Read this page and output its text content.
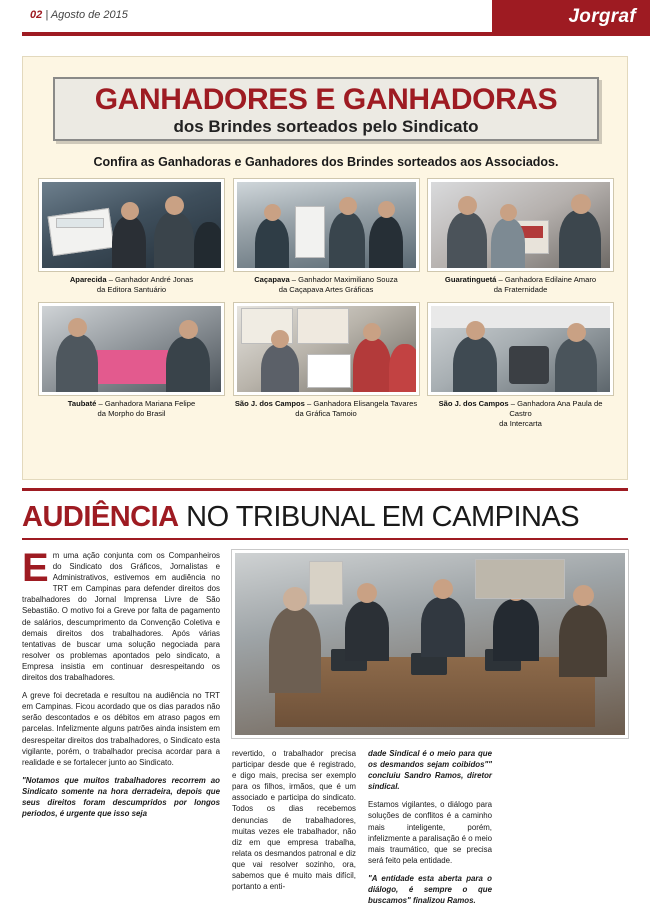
02 | Agosto de 2015	Jorgraf
GANHADORES E GANHADORAS
dos Brindes sorteados pelo Sindicato
Confira as Ganhadoras e Ganhadores dos Brindes sorteados aos Associados.
Aparecida – Ganhador André Jonas
da Editora Santuário
Caçapava – Ganhador Maximiliano Souza
da Caçapava Artes Gráficas
Guaratinguetá – Ganhadora Edilaine Amaro
da Fraternidade
Taubaté – Ganhadora Mariana Felipe
da Morpho do Brasil
São J. dos Campos – Ganhadora Elisangela Tavares
da Gráfica Tamoio
São J. dos Campos – Ganhadora Ana Paula de Castro
da Intercarta
AUDIÊNCIA NO TRIBUNAL EM CAMPINAS

Em uma ação conjunta com os Companheiros do Sindicato dos Gráficos, Jornalistas e Administrativos, estivemos em audiência no TRT em Campinas para defender direitos dos trabalhadores do Jornal Imprensa Livre de São Sebastião. O motivo foi a Greve por falta de pagamento de salários, descumprimento da Convenção Coletiva e demais direitos dos trabalhadores. Após várias tentativas de buscar uma solução negociada para resolver os problemas apontados pelo sindicato, a Empresa insistia em continuar desrespeitando os direitos dos trabalhadores.

A greve foi decretada e resultou na audiência no TRT em Campinas. Ficou acordado que os dias parados não serão descontados e os débitos em atraso pagos em parcelas. Infelizmente alguns patrões ainda insistem em desrespeitar direitos dos trabalhadores, o Sindicato esta vigilante, porém, o trabalhador precisa acordar para a realidade e se fortalecer junto ao Sindicato.

"Notamos que muitos trabalhadores recorrem ao Sindicato somente na hora derradeira, depois que seus direitos foram descumpridos por longos periodos, é urgente que isso seja

revertido, o trabalhador precisa participar desde que é registrado, e digo mais, precisa ser exemplo para os filhos, irmãos, que é um associado e participa do sindicato. Todos os dias recebemos denuncias de trabalhadores, muitas vezes ele trabalhador, não diz em que empresa trabalha, relata os desmandos patronal e diz que vai resolver sozinho, ora, sabemos que é muito mais difícil, portanto a enti-

dade Sindical é o meio para que os desmandos sejam coibidos"" concluiu Sandro Ramos, diretor sindical.

Estamos vigilantes, o diálogo para soluções de conflitos é a caminho mais inteligente, porém, infelizmente a paralisação é o meio mais traumático, que se precisa será feito pela entidade.

"A entidade esta aberta para o diálogo, é sempre o que buscamos" finalizou Ramos.
